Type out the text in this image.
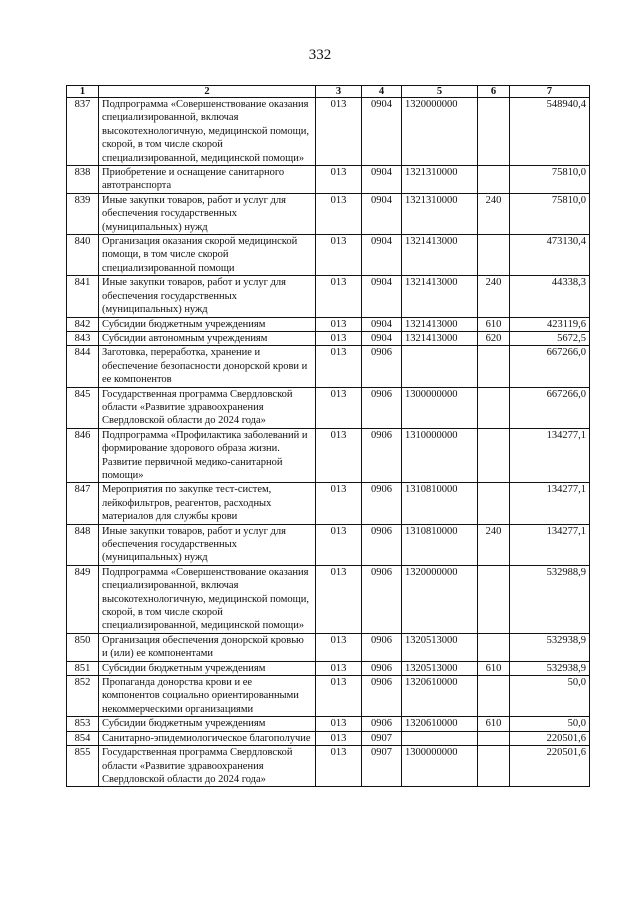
332
1	2	3	4	5	6	7
837	Подпрограмма «Совершенствование оказания специализированной, включая высокотехнологичную, медицинской помощи, скорой, в том числе скорой специализированной, медицинской помощи»	013	0904	1320000000		548940,4
838	Приобретение и оснащение санитарного автотранспорта	013	0904	1321310000		75810,0
839	Иные закупки товаров, работ и услуг для обеспечения государственных (муниципальных) нужд	013	0904	1321310000	240	75810,0
840	Организация оказания скорой медицинской помощи, в том числе скорой специализированной помощи	013	0904	1321413000		473130,4
841	Иные закупки товаров, работ и услуг для обеспечения государственных (муниципальных) нужд	013	0904	1321413000	240	44338,3
842	Субсидии бюджетным учреждениям	013	0904	1321413000	610	423119,6
843	Субсидии автономным учреждениям	013	0904	1321413000	620	5672,5
844	Заготовка, переработка, хранение и обеспечение безопасности донорской крови и ее компонентов	013	0906			667266,0
845	Государственная программа Свердловской области «Развитие здравоохранения Свердловской области до 2024 года»	013	0906	1300000000		667266,0
846	Подпрограмма «Профилактика заболеваний и формирование здорового образа жизни. Развитие первичной медико-санитарной помощи»	013	0906	1310000000		134277,1
847	Мероприятия по закупке тест-систем, лейкофильтров, реагентов, расходных материалов для службы крови	013	0906	1310810000		134277,1
848	Иные закупки товаров, работ и услуг для обеспечения государственных (муниципальных) нужд	013	0906	1310810000	240	134277,1
849	Подпрограмма «Совершенствование оказания специализированной, включая высокотехнологичную, медицинской помощи, скорой, в том числе скорой специализированной, медицинской помощи»	013	0906	1320000000		532988,9
850	Организация обеспечения донорской кровью и (или) ее компонентами	013	0906	1320513000		532938,9
851	Субсидии бюджетным учреждениям	013	0906	1320513000	610	532938,9
852	Пропаганда донорства крови и ее компонентов социально ориентированными некоммерческими организациями	013	0906	1320610000		50,0
853	Субсидии бюджетным учреждениям	013	0906	1320610000	610	50,0
854	Санитарно-эпидемиологическое благополучие	013	0907			220501,6
855	Государственная программа Свердловской области «Развитие здравоохранения Свердловской области до 2024 года»	013	0907	1300000000		220501,6
